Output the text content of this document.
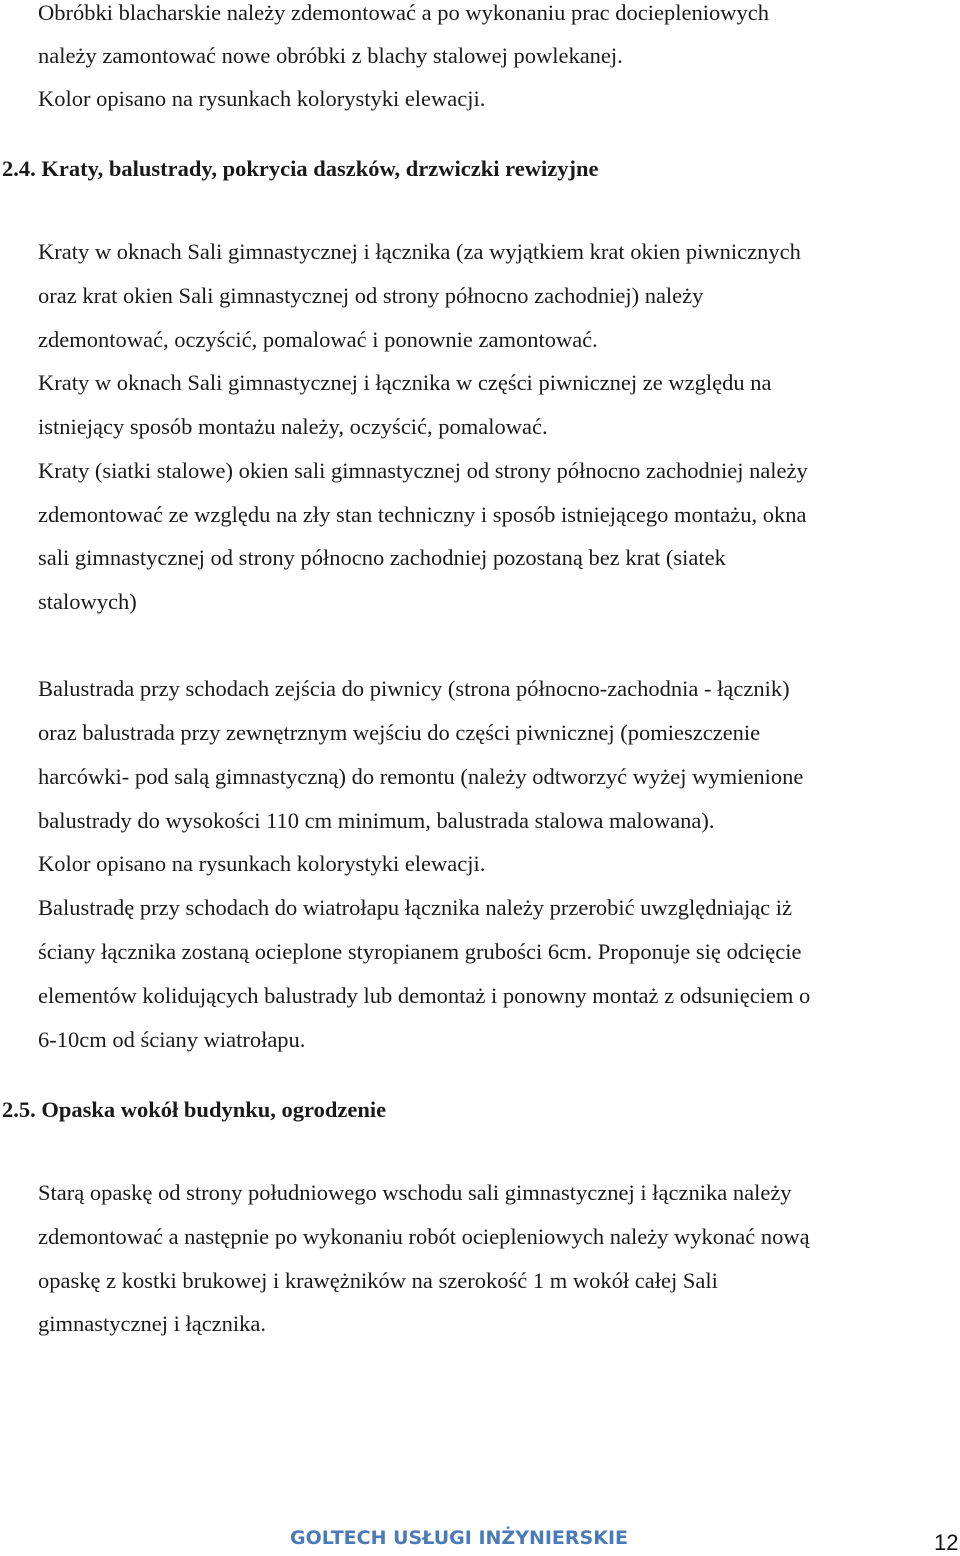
Obróbki blacharskie należy zdemontować a po wykonaniu prac dociepleniowych
należy zamontować nowe obróbki z blachy stalowej powlekanej.
Kolor opisano na rysunkach kolorystyki elewacji.
2.4. Kraty, balustrady, pokrycia daszków, drzwiczki rewizyjne
Kraty w oknach Sali gimnastycznej i łącznika (za wyjątkiem krat okien piwnicznych
oraz krat okien Sali gimnastycznej od strony północno zachodniej) należy
zdemontować, oczyścić, pomalować i ponownie zamontować.
Kraty w oknach Sali gimnastycznej i łącznika w części piwnicznej ze względu na
istniejący sposób montażu należy, oczyścić, pomalować.
Kraty (siatki stalowe) okien sali gimnastycznej od strony północno zachodniej należy
zdemontować ze względu na zły stan techniczny i sposób istniejącego montażu, okna
sali gimnastycznej od strony północno zachodniej pozostaną bez krat (siatek
stalowych)
Balustrada przy schodach zejścia do piwnicy (strona północno-zachodnia - łącznik)
oraz balustrada przy zewnętrznym wejściu do części piwnicznej (pomieszczenie
harcówki- pod salą gimnastyczną) do remontu (należy odtworzyć wyżej wymienione
balustrady do wysokości 110 cm minimum, balustrada stalowa malowana).
Kolor opisano na rysunkach kolorystyki elewacji.
Balustradę przy schodach do wiatrołapu łącznika należy przerobić uwzględniając iż
ściany łącznika zostaną ocieplone styropianem grubości 6cm. Proponuje się odcięcie
elementów kolidujących balustrady lub demontaż i ponowny montaż z odsunięciem o
6-10cm od ściany wiatrołapu.
2.5. Opaska wokół budynku, ogrodzenie
Starą opaskę od strony południowego wschodu sali gimnastycznej i łącznika należy
zdemontować a następnie po wykonaniu robót ociepleniowych należy wykonać nową
opaskę z kostki brukowej i krawężników na szerokość 1 m wokół całej Sali
gimnastycznej i łącznika.
GOLTECH USŁUGI INŻYNIERSKIE	12
